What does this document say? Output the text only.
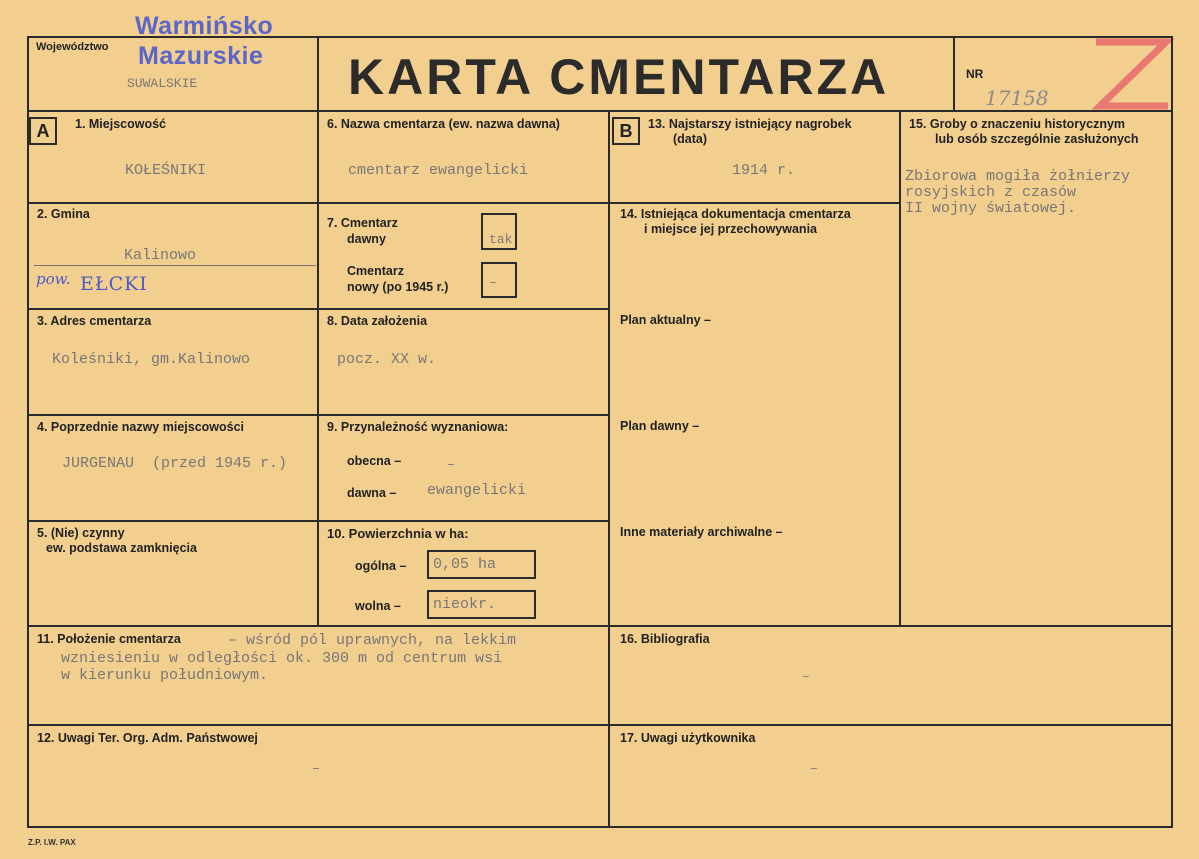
Województwo
Warmińsko
Mazurskie
SUWALSKIE	KARTA CMENTARZA	NR
17158
A	1. Miejscowość
KOŁEŚNIKI
2. Gmina
Kalinowo
pow. EŁCKI
3. Adres cmentarza
Koleśniki, gm.Kalinowo
4. Poprzednie nazwy miejscowości
JURGENAU  (przed 1945 r.)
5. (Nie) czynny
ew. podstawa zamknięcia
6. Nazwa cmentarza (ew. nazwa dawna)
cmentarz ewangelicki
7. Cmentarz
dawny	tak
Cmentarz
nowy (po 1945 r.)	–
8. Data założenia
pocz. XX w.
9. Przynależność wyznaniowa:
obecna –	–
dawna – ewangelicki
10. Powierzchnia w ha:
ogólna – 0,05 ha
wolna – nieokr.
11. Położenie cmentarza	– wśród pól uprawnych, na lekkim
wzniesieniu w odległości ok. 300 m od centrum wsi
w kierunku południowym.
12. Uwagi Ter. Org. Adm. Państwowej
–
B	13. Najstarszy istniejący nagrobek
(data)
1914 r.
14. Istniejąca dokumentacja cmentarza
i miejsce jej przechowywania
Plan aktualny –
Plan dawny –
Inne materiały archiwalne –
15. Groby o znaczeniu historycznym
lub osób szczególnie zasłużonych
Zbiorowa mogiła żołnierzy
rosyjskich z czasów
II wojny światowej.
16. Bibliografia
–
17. Uwagi użytkownika
–
Z.P. I.W. PAX
